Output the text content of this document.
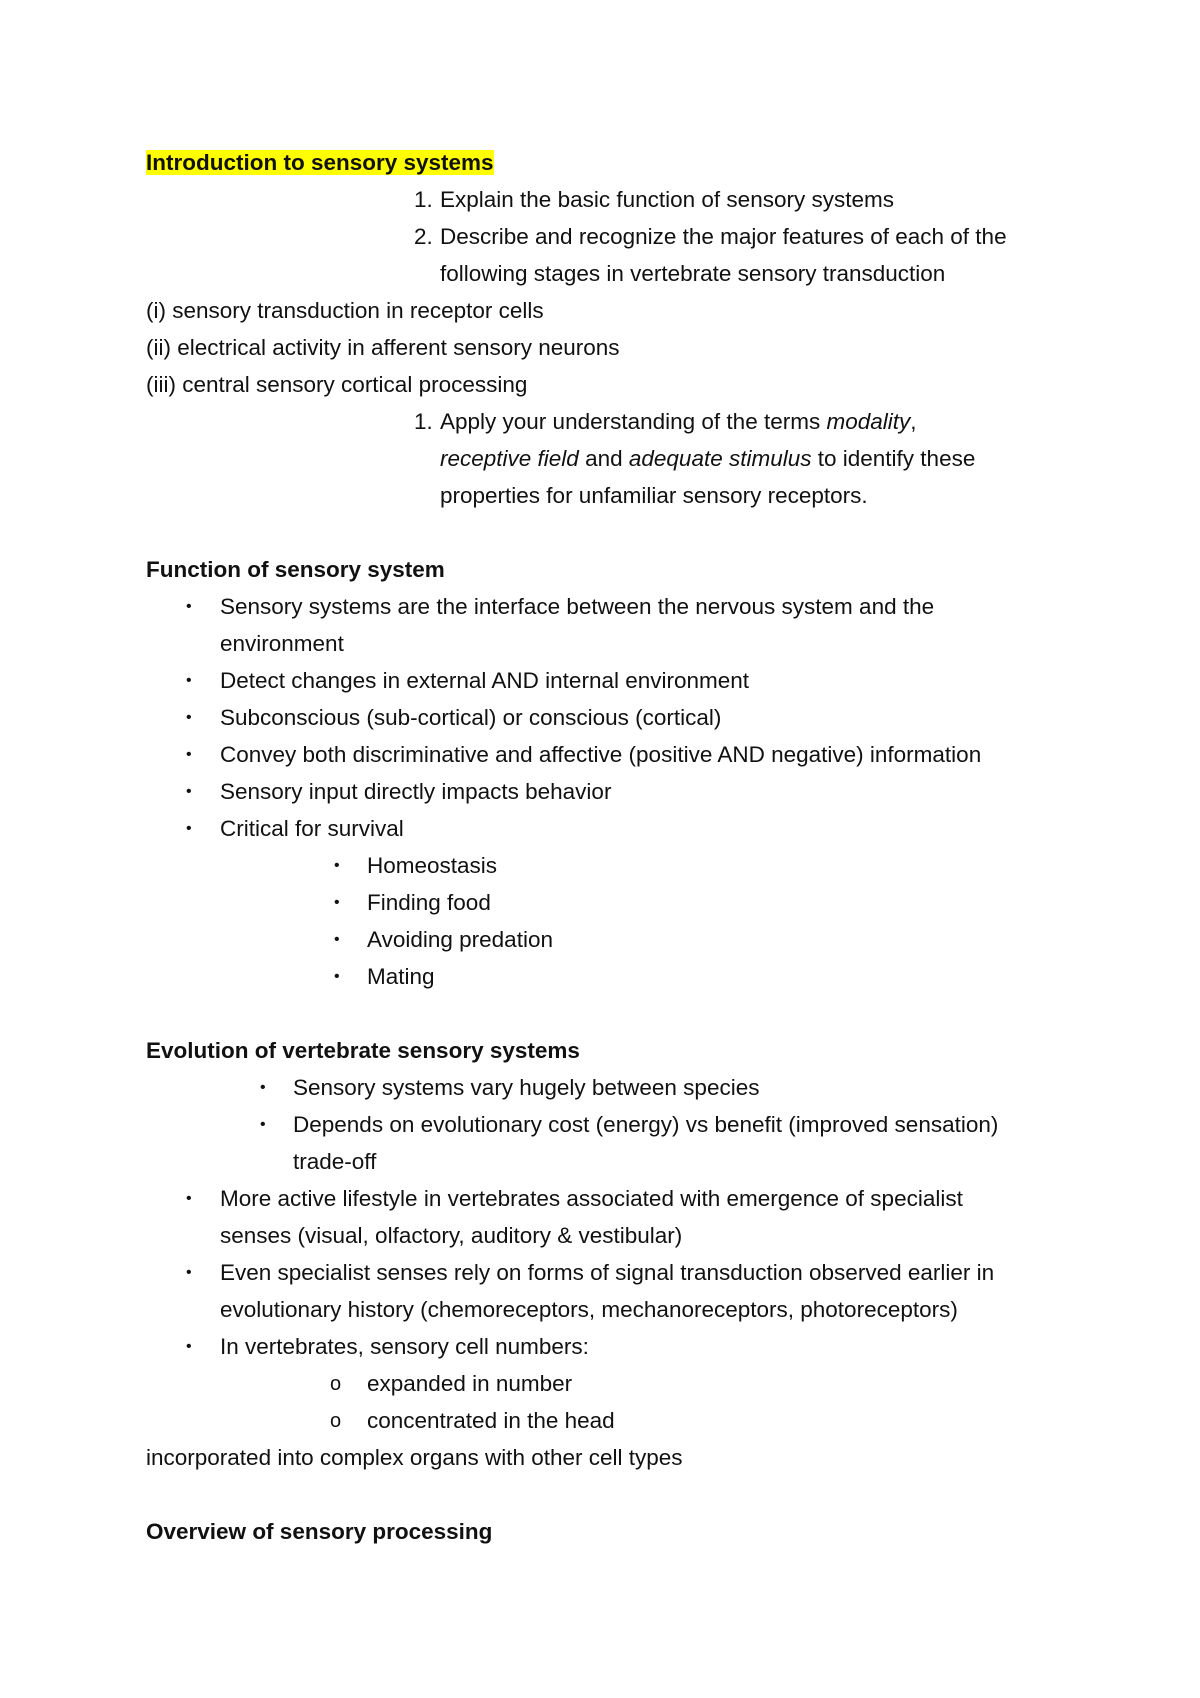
Introduction to sensory systems
1. Explain the basic function of sensory systems
2. Describe and recognize the major features of each of the
following stages in vertebrate sensory transduction
(i) sensory transduction in receptor cells
(ii) electrical activity in afferent sensory neurons
(iii) central sensory cortical processing
1. Apply your understanding of the terms modality,
receptive field and adequate stimulus to identify these
properties for unfamiliar sensory receptors.
Function of sensory system
• Sensory systems are the interface between the nervous system and the
environment
• Detect changes in external AND internal environment
• Subconscious (sub-cortical) or conscious (cortical)
• Convey both discriminative and affective (positive AND negative) information
• Sensory input directly impacts behavior
• Critical for survival
• Homeostasis
• Finding food
• Avoiding predation
• Mating
Evolution of vertebrate sensory systems
• Sensory systems vary hugely between species
• Depends on evolutionary cost (energy) vs benefit (improved sensation)
trade-off
• More active lifestyle in vertebrates associated with emergence of specialist
senses (visual, olfactory, auditory & vestibular)
• Even specialist senses rely on forms of signal transduction observed earlier in
evolutionary history (chemoreceptors, mechanoreceptors, photoreceptors)
• In vertebrates, sensory cell numbers:
o expanded in number
o concentrated in the head
incorporated into complex organs with other cell types
Overview of sensory processing
